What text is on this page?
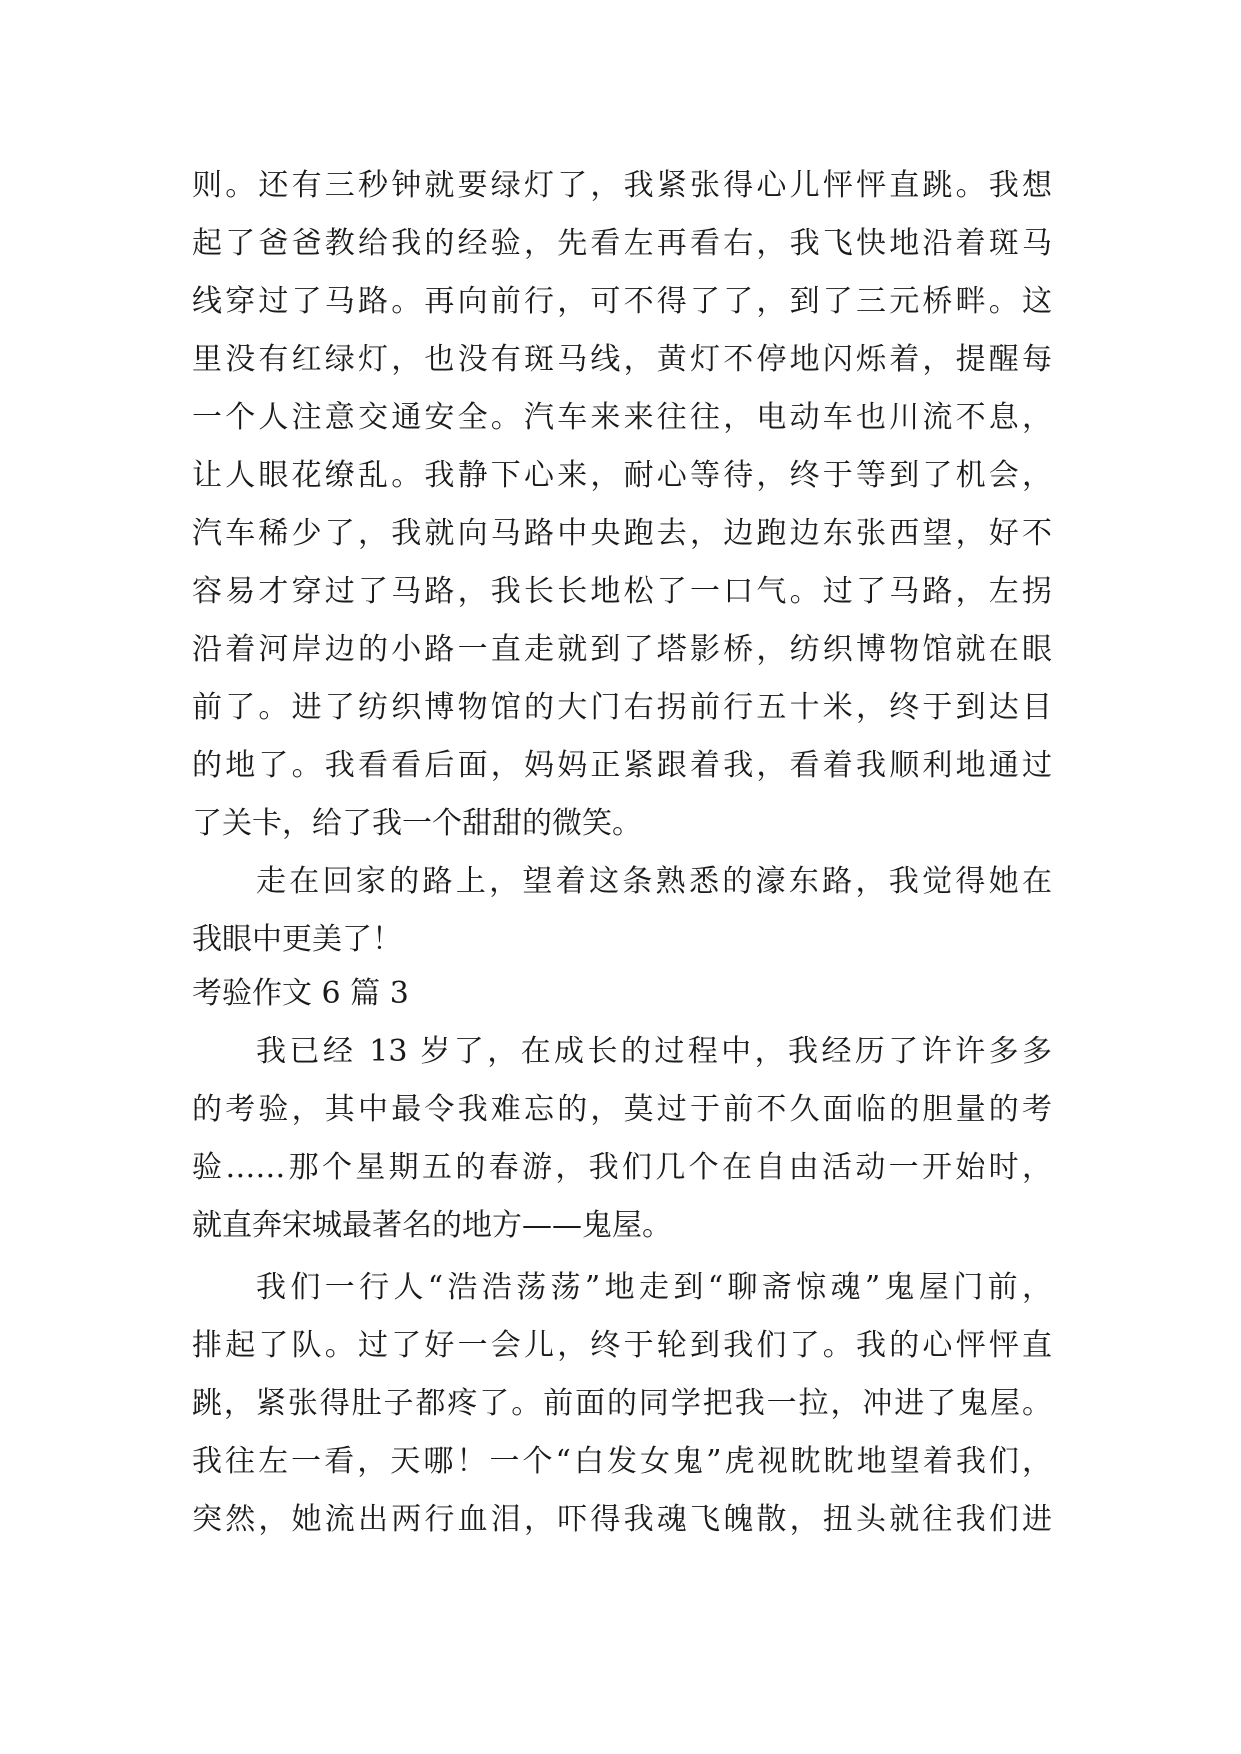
则。还有三秒钟就要绿灯了，我紧张得心儿怦怦直跳。我想
起了爸爸教给我的经验，先看左再看右，我飞快地沿着斑马
线穿过了马路。再向前行，可不得了了，到了三元桥畔。这
里没有红绿灯，也没有斑马线，黄灯不停地闪烁着，提醒每
一个人注意交通安全。汽车来来往往，电动车也川流不息，
让人眼花缭乱。我静下心来，耐心等待，终于等到了机会，
汽车稀少了，我就向马路中央跑去，边跑边东张西望，好不
容易才穿过了马路，我长长地松了一口气。过了马路，左拐
沿着河岸边的小路一直走就到了塔影桥，纺织博物馆就在眼
前了。进了纺织博物馆的大门右拐前行五十米，终于到达目
的地了。我看看后面，妈妈正紧跟着我，看着我顺利地通过
了关卡，给了我一个甜甜的微笑。
走在回家的路上，望着这条熟悉的濠东路，我觉得她在
我眼中更美了！
考验作文 6 篇 3
我已经 13 岁了，在成长的过程中，我经历了许许多多
的考验，其中最令我难忘的，莫过于前不久面临的胆量的考
验……那个星期五的春游，我们几个在自由活动一开始时，
就直奔宋城最著名的地方——鬼屋。
我们一行人“浩浩荡荡”地走到“聊斋惊魂”鬼屋门前，
排起了队。过了好一会儿，终于轮到我们了。我的心怦怦直
跳，紧张得肚子都疼了。前面的同学把我一拉，冲进了鬼屋。
我往左一看，天哪！一个“白发女鬼”虎视眈眈地望着我们，
突然，她流出两行血泪，吓得我魂飞魄散，扭头就往我们进
